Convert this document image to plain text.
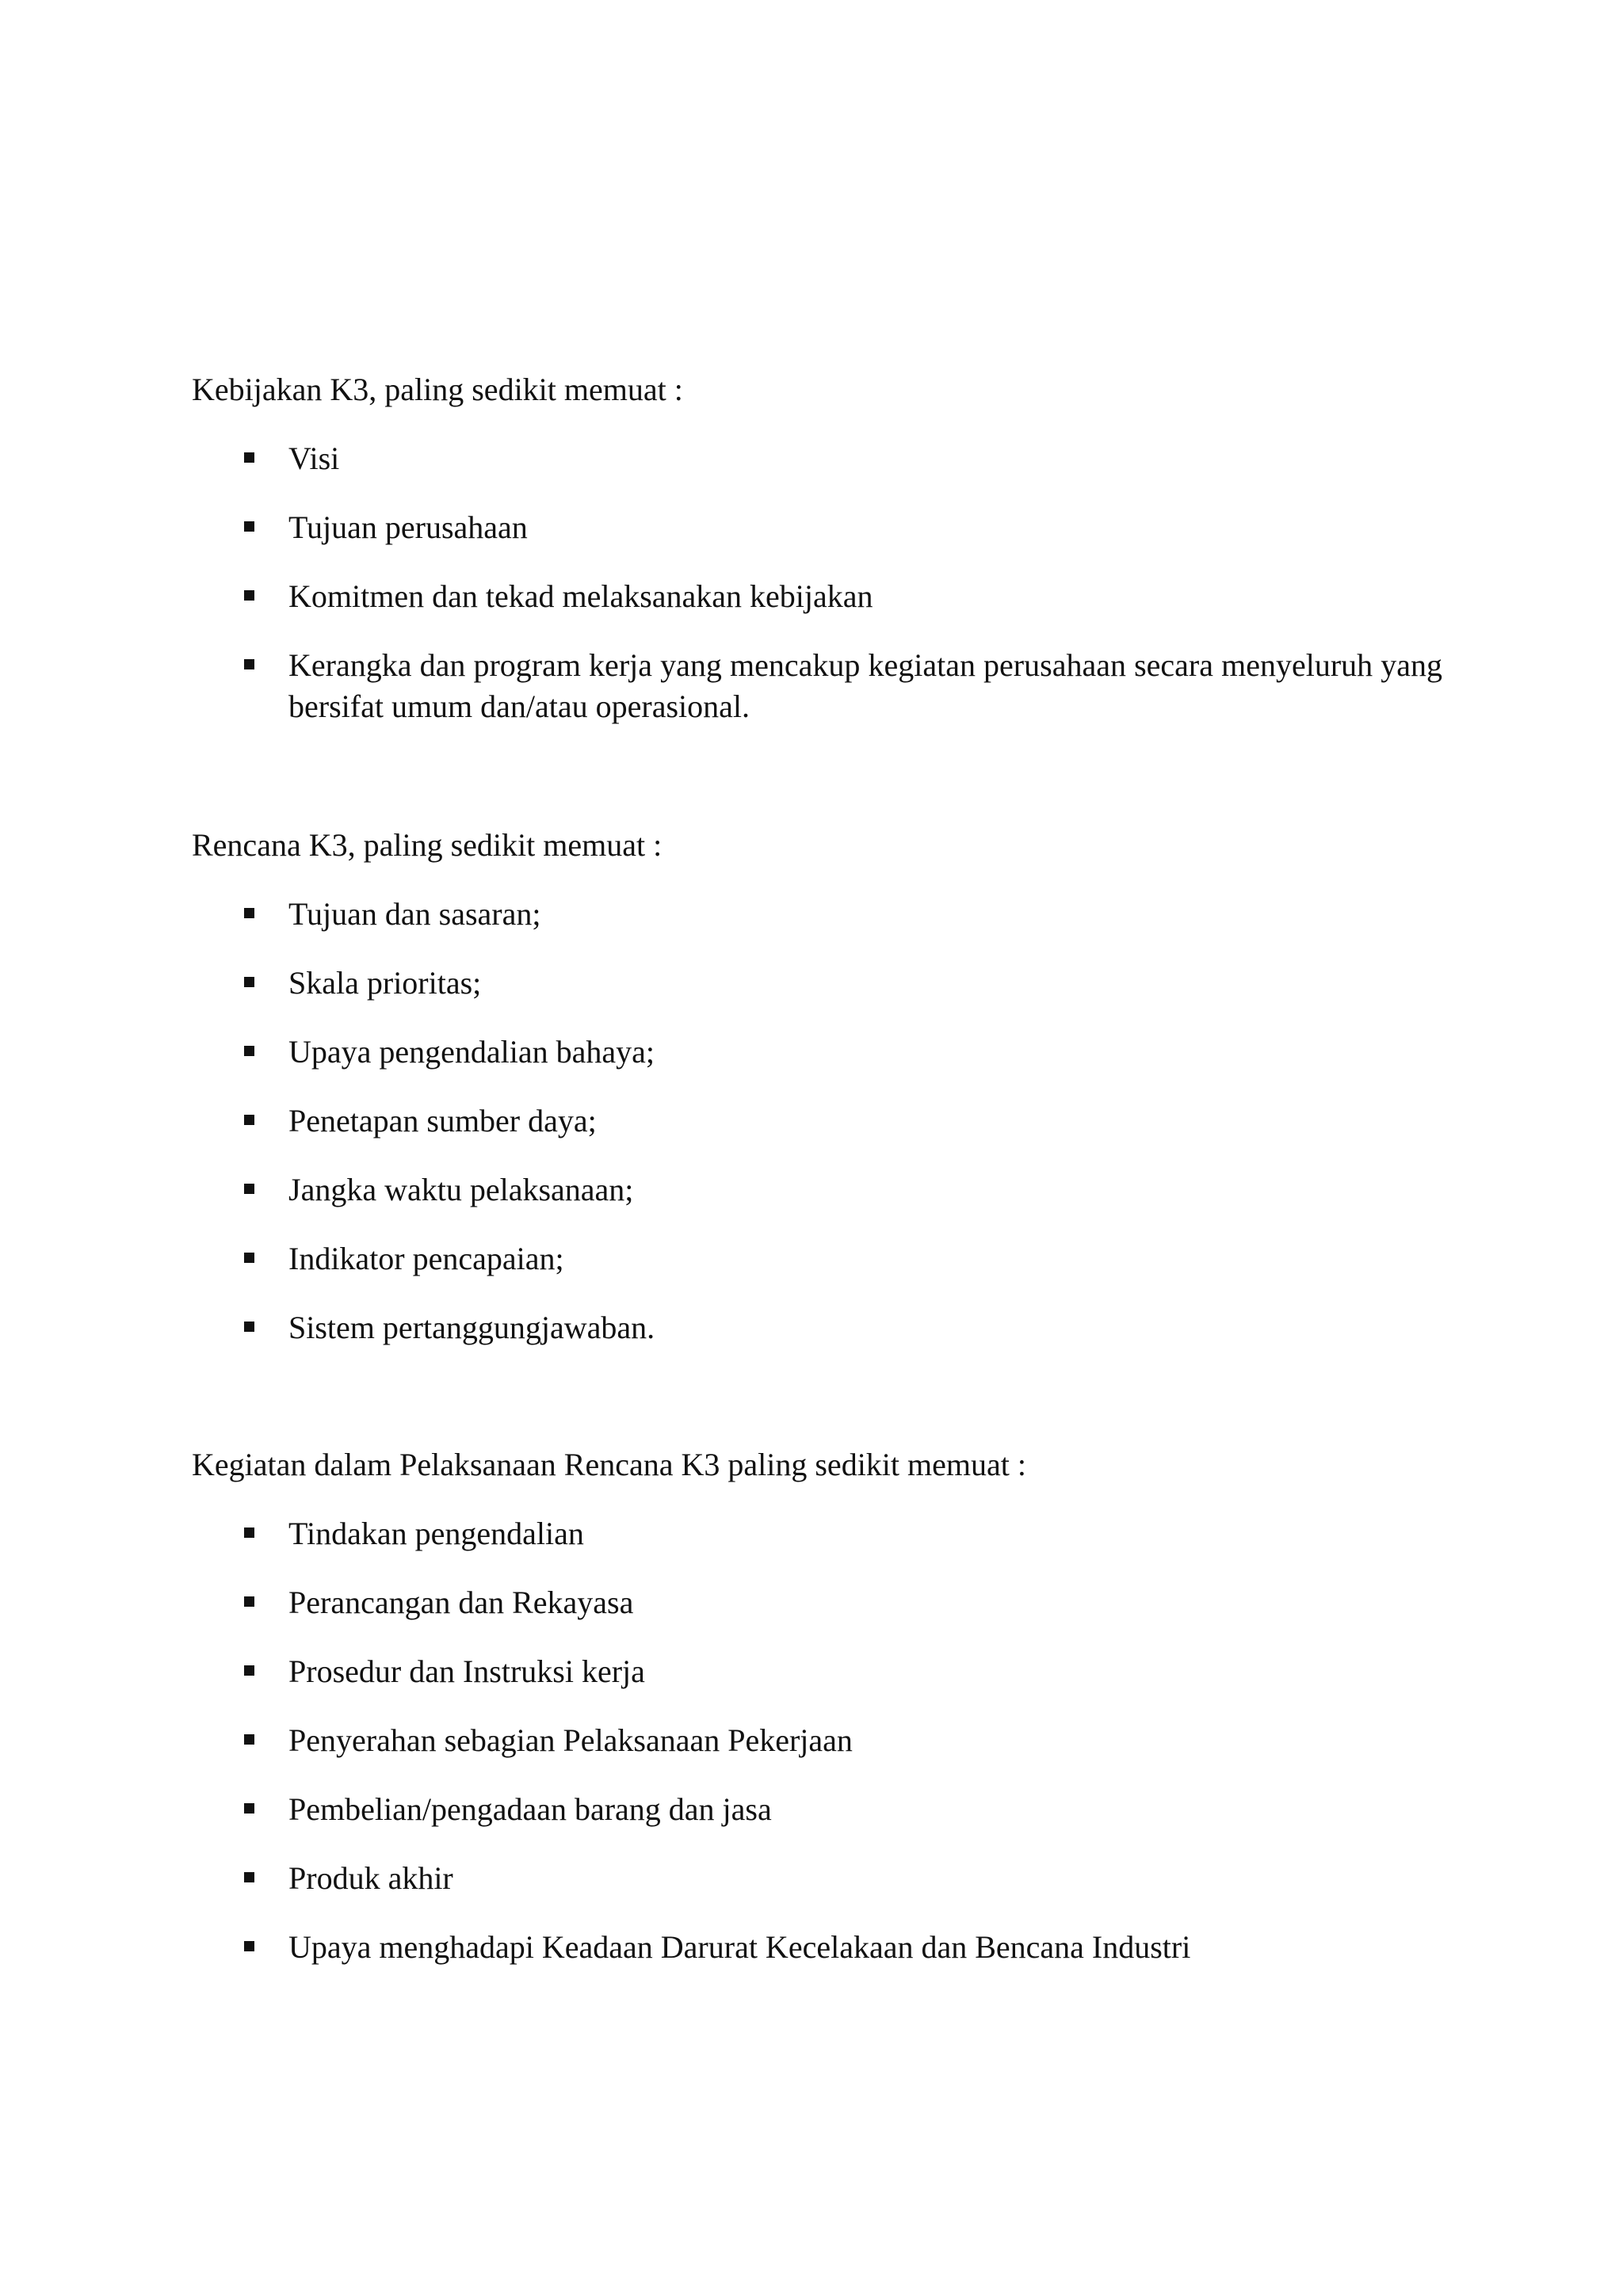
Kebijakan K3, paling sedikit memuat :

Visi
Tujuan perusahaan
Komitmen dan tekad melaksanakan kebijakan
Kerangka dan program kerja yang mencakup kegiatan perusahaan secara menyeluruh yang bersifat umum dan/atau operasional.

Rencana K3, paling sedikit memuat :

Tujuan dan sasaran;
Skala prioritas;
Upaya pengendalian bahaya;
Penetapan sumber daya;
Jangka waktu pelaksanaan;
Indikator pencapaian;
Sistem pertanggungjawaban.

Kegiatan dalam Pelaksanaan Rencana K3 paling sedikit memuat :

Tindakan pengendalian
Perancangan dan Rekayasa
Prosedur dan Instruksi kerja
Penyerahan sebagian Pelaksanaan Pekerjaan
Pembelian/pengadaan barang dan jasa
Produk akhir
Upaya menghadapi Keadaan Darurat Kecelakaan dan Bencana Industri
